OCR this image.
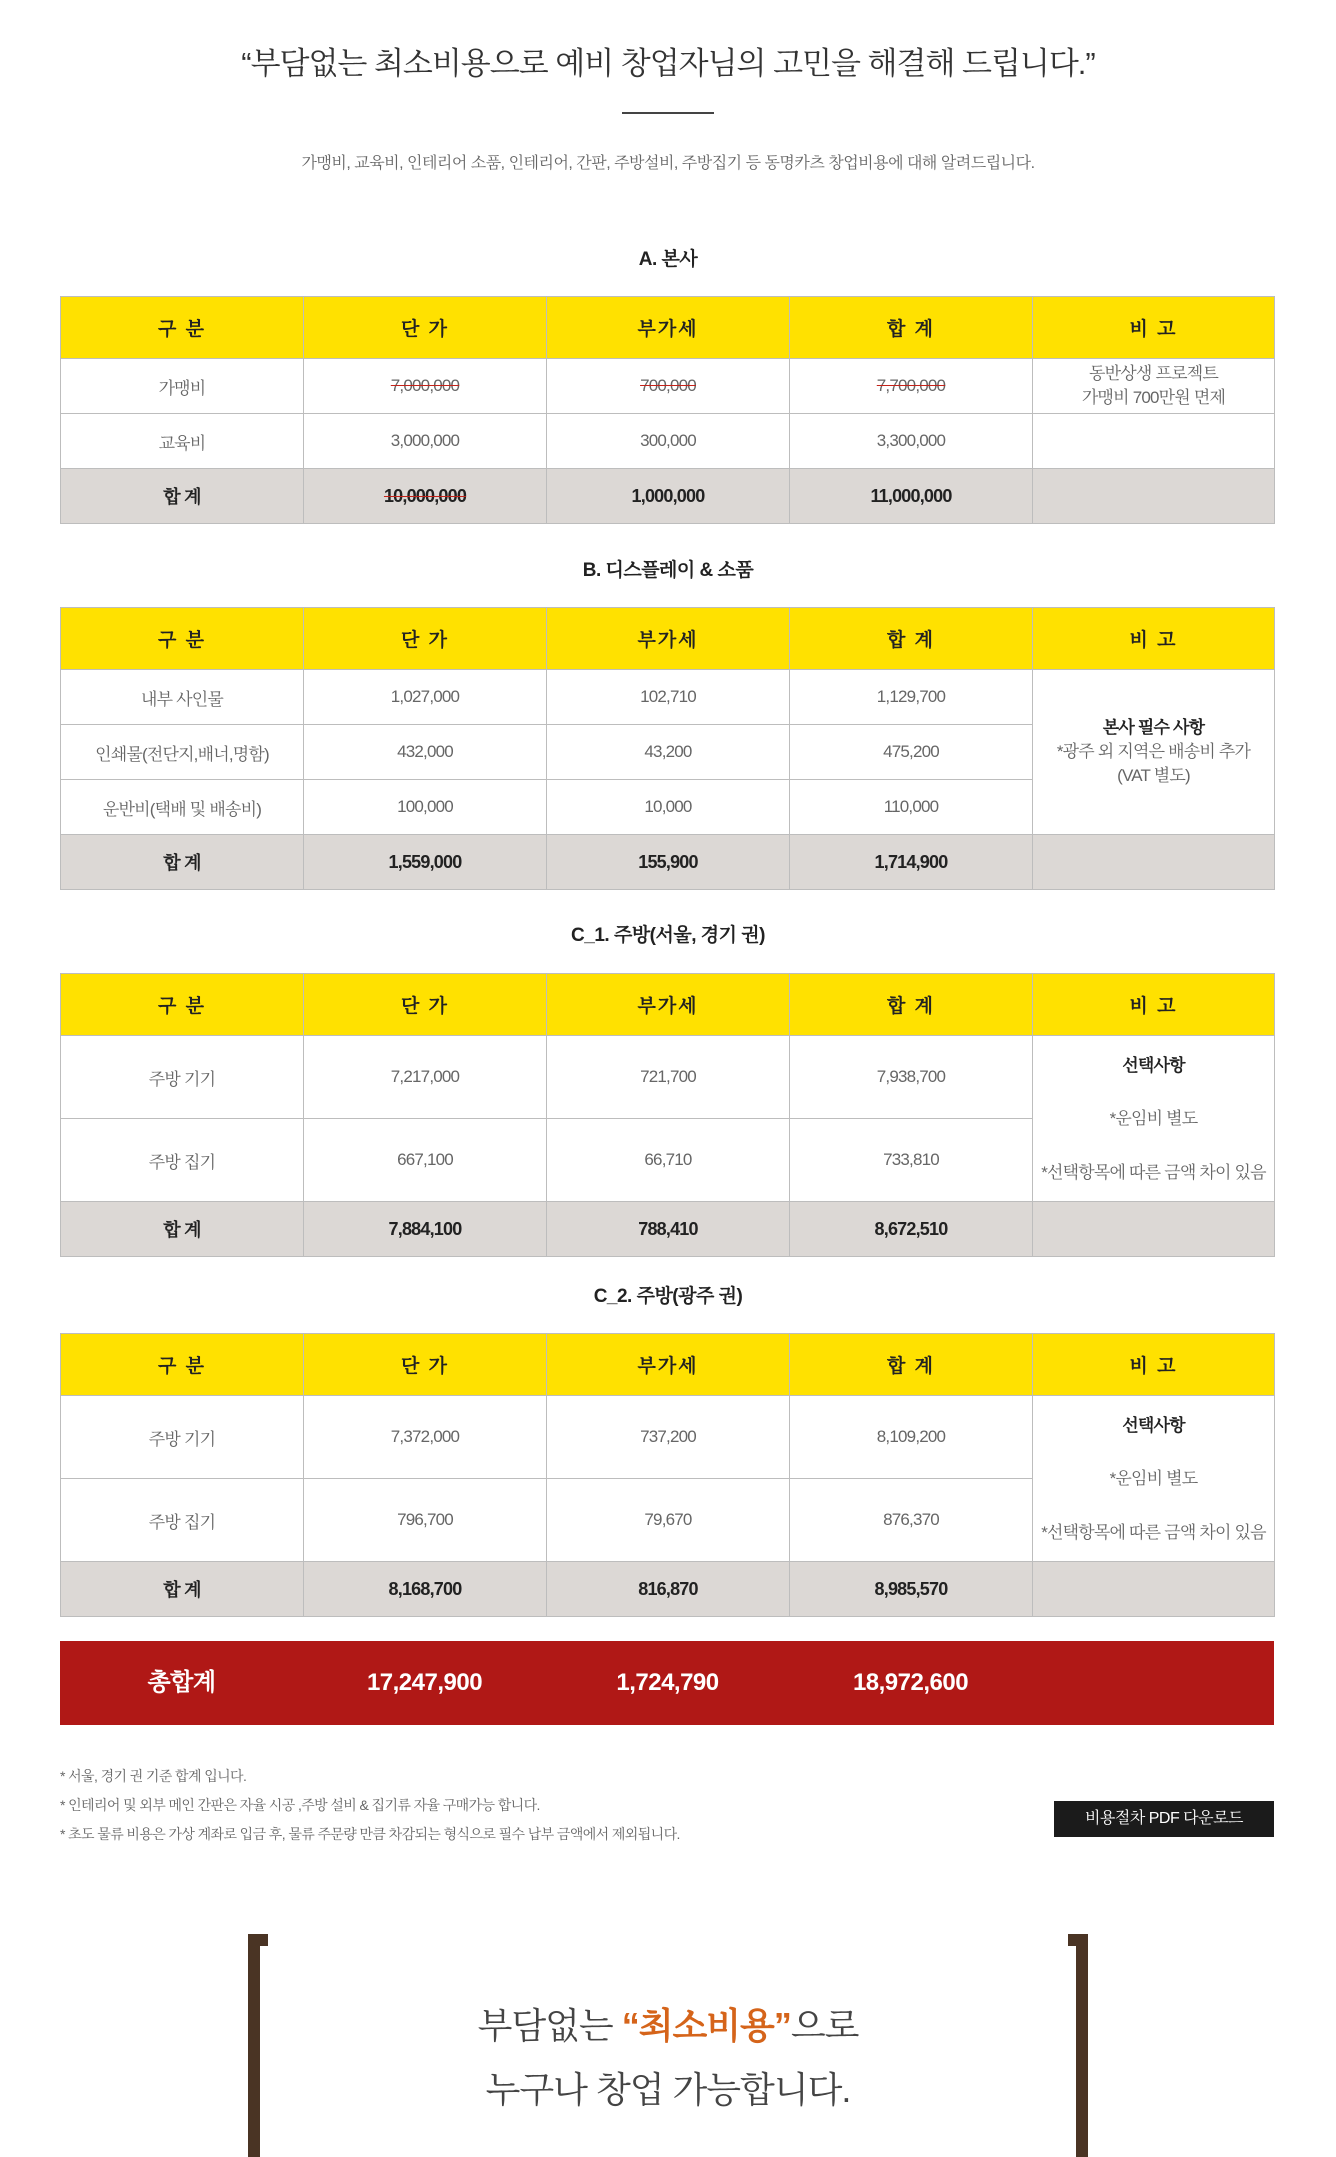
“부담없는 최소비용으로 예비 창업자님의 고민을 해결해 드립니다.”
가맹비, 교육비, 인테리어 소품, 인테리어, 간판, 주방설비, 주방집기 등 동명카츠 창업비용에 대해 알려드립니다.
A. 본사
구 분	단 가	부가세	합 계	비 고
가맹비	7,000,000	700,000	7,700,000	동반상생 프로젝트
가맹비 700만원 면제

교육비	3,000,000	300,000	3,300,000	
합 계	10,000,000	1,000,000	11,000,000	
B. 디스플레이 & 소품
구 분	단 가	부가세	합 계	비 고
내부 사인물	1,027,000	102,710	1,129,700	본사 필수 사항
*광주 외 지역은 배송비 추가 (VAT 별도)

인쇄물(전단지,배너,명함)	432,000	43,200	475,200	
운반비(택배 및 배송비)	100,000	10,000	110,000	
합 계	1,559,000	155,900	1,714,900	
C_1. 주방(서울, 경기 권)
구 분	단 가	부가세	합 계	비 고
주방 기기	7,217,000	721,700	7,938,700	선택사항
*운임비 별도
*선택항목에 따른 금액 차이 있음

주방 집기	667,100	66,710	733,810	
합 계	7,884,100	788,410	8,672,510	
C_2. 주방(광주 권)
구 분	단 가	부가세	합 계	비 고
주방 기기	7,372,000	737,200	8,109,200	선택사항
*운임비 별도
*선택항목에 따른 금액 차이 있음

주방 집기	796,700	79,670	876,370	
합 계	8,168,700	816,870	8,985,570	
총합계	17,247,900	1,724,790	18,972,600
* 서울, 경기 권 기준 합계 입니다.
* 인테리어 및 외부 메인 간판은 자율 시공 ,주방 설비 & 집기류 자율 구매가능 합니다.
* 초도 물류 비용은 가상 계좌로 입금 후, 물류 주문량 만큼 차감되는 형식으로 필수 납부 금액에서 제외됩니다.
비용절차 PDF 다운로드
부담없는 “최소비용”으로
누구나 창업 가능합니다.
